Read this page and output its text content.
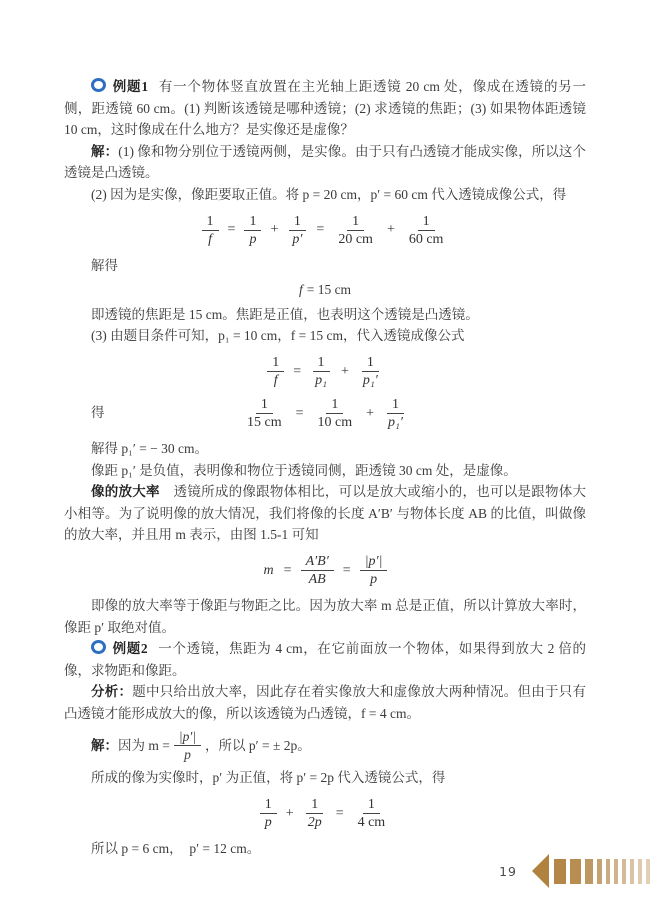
例题1 有一个物体竖直放置在主光轴上距透镜 20 cm 处，像成在透镜的另一侧，距透镜 60 cm。(1) 判断该透镜是哪种透镜；(2) 求透镜的焦距；(3) 如果物体距透镜 10 cm，这时像成在什么地方？是实像还是虚像？

解：(1) 像和物分别位于透镜两侧，是实像。由于只有凸透镜才能成实像，所以这个透镜是凸透镜。

(2) 因为是实像，像距要取正值。将 p = 20 cm，p′ = 60 cm 代入透镜成像公式，得

$\frac{1}{f} = \frac{1}{p} + \frac{1}{p'} = \frac{1}{20 cm} + \frac{1}{60 cm}$

解得

f = 15 cm

即透镜的焦距是 15 cm。焦距是正值，也表明这个透镜是凸透镜。

(3) 由题目条件可知，p₁ = 10 cm，f = 15 cm，代入透镜成像公式

$\frac{1}{f} = \frac{1}{\text{p₁}} + \frac{1}{\text{p₁′}}$
得	$\frac{1}{15 cm} = \frac{1}{10 cm} + \frac{1}{\text{p₁′}}$

解得 p₁′ = − 30 cm。

像距 p₁′ 是负值，表明像和物位于透镜同侧，距透镜 30 cm 处，是虚像。

像的放大率　 透镜所成的像跟物体相比，可以是放大或缩小的，也可以是跟物体大小相等。为了说明像的放大情况，我们将像的长度 A′B′ 与物体长度 AB 的比值，叫做像的放大率，并且用 m 表示，由图 1.5-1 可知

$m = \frac{A'B'}{AB} = \frac{|p'|}{p}$

即像的放大率等于像距与物距之比。因为放大率 m 总是正值，所以计算放大率时，像距 p′ 取绝对值。

例题2 一个透镜，焦距为 4 cm，在它前面放一个物体，如果得到放大 2 倍的像，求物距和像距。

分析：题中只给出放大率，因此存在着实像放大和虚像放大两种情况。但由于只有凸透镜才能形成放大的像，所以该透镜为凸透镜，f = 4 cm。

解： 因为 $m = \frac{|p'|}{p}$ ，所以 p′ = ± 2p。

所成的像为实像时，p′ 为正值，将 p′ = 2p 代入透镜公式，得

$\frac{1}{p} + \frac{1}{2p} = \frac{1}{4 cm}$

所以 p = 6 cm，　p′ = 12 cm。

19
